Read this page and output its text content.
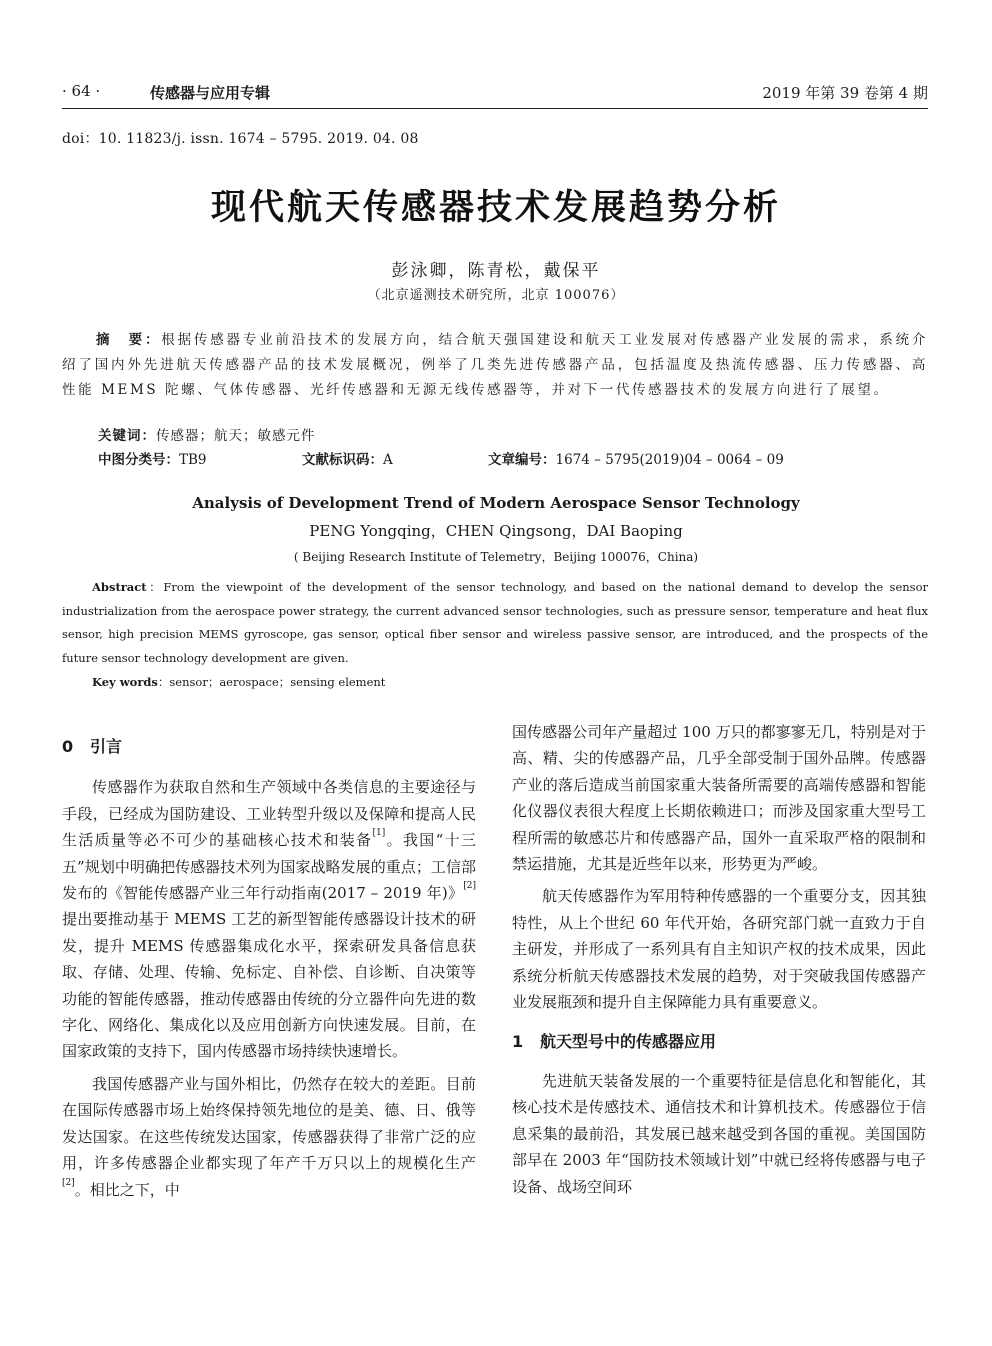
· 64 ·	传感器与应用专辑	2019 年第 39 卷第 4 期
doi：10. 11823/j. issn. 1674 – 5795. 2019. 04. 08
现代航天传感器技术发展趋势分析
彭泳卿，陈青松，戴保平
（北京遥测技术研究所，北京 100076）
摘　要：根据传感器专业前沿技术的发展方向，结合航天强国建设和航天工业发展对传感器产业发展的需求，系统介绍了国内外先进航天传感器产品的技术发展概况，例举了几类先进传感器产品，包括温度及热流传感器、压力传感器、高性能 MEMS 陀螺、气体传感器、光纤传感器和无源无线传感器等，并对下一代传感器技术的发展方向进行了展望。
关键词：传感器；航天；敏感元件
中图分类号：TB9	文献标识码：A	文章编号：1674 – 5795(2019)04 – 0064 – 09
Analysis of Development Trend of Modern Aerospace Sensor Technology
PENG Yongqing，CHEN Qingsong，DAI Baoping
( Beijing Research Institute of Telemetry，Beijing 100076，China)
Abstract：From the viewpoint of the development of the sensor technology, and based on the national demand to develop the sensor industrialization from the aerospace power strategy, the current advanced sensor technologies, such as pressure sensor, temperature and heat flux sensor, high precision MEMS gyroscope, gas sensor, optical fiber sensor and wireless passive sensor, are introduced, and the prospects of the future sensor technology development are given.
Key words：sensor；aerospace；sensing element
0 引言

传感器作为获取自然和生产领域中各类信息的主要途径与手段，已经成为国防建设、工业转型升级以及保障和提高人民生活质量等必不可少的基础核心技术和装备[1]。我国“十三五”规划中明确把传感器技术列为国家战略发展的重点；工信部发布的《智能传感器产业三年行动指南(2017 – 2019 年)》[2]提出要推动基于 MEMS 工艺的新型智能传感器设计技术的研发，提升 MEMS 传感器集成化水平，探索研发具备信息获取、存储、处理、传输、免标定、自补偿、自诊断、自决策等功能的智能传感器，推动传感器由传统的分立器件向先进的数字化、网络化、集成化以及应用创新方向快速发展。目前，在国家政策的支持下，国内传感器市场持续快速增长。

我国传感器产业与国外相比，仍然存在较大的差距。目前在国际传感器市场上始终保持领先地位的是美、德、日、俄等发达国家。在这些传统发达国家，传感器获得了非常广泛的应用，许多传感器企业都实现了年产千万只以上的规模化生产[2]。相比之下，中

国传感器公司年产量超过 100 万只的都寥寥无几，特别是对于高、精、尖的传感器产品，几乎全部受制于国外品牌。传感器产业的落后造成当前国家重大装备所需要的高端传感器和智能化仪器仪表很大程度上长期依赖进口；而涉及国家重大型号工程所需的敏感芯片和传感器产品，国外一直采取严格的限制和禁运措施，尤其是近些年以来，形势更为严峻。

航天传感器作为军用特种传感器的一个重要分支，因其独特性，从上个世纪 60 年代开始，各研究部门就一直致力于自主研发，并形成了一系列具有自主知识产权的技术成果，因此系统分析航天传感器技术发展的趋势，对于突破我国传感器产业发展瓶颈和提升自主保障能力具有重要意义。

1 航天型号中的传感器应用

先进航天装备发展的一个重要特征是信息化和智能化，其核心技术是传感技术、通信技术和计算机技术。传感器位于信息采集的最前沿，其发展已越来越受到各国的重视。美国国防部早在 2003 年“国防技术领域计划”中就已经将传感器与电子设备、战场空间环
